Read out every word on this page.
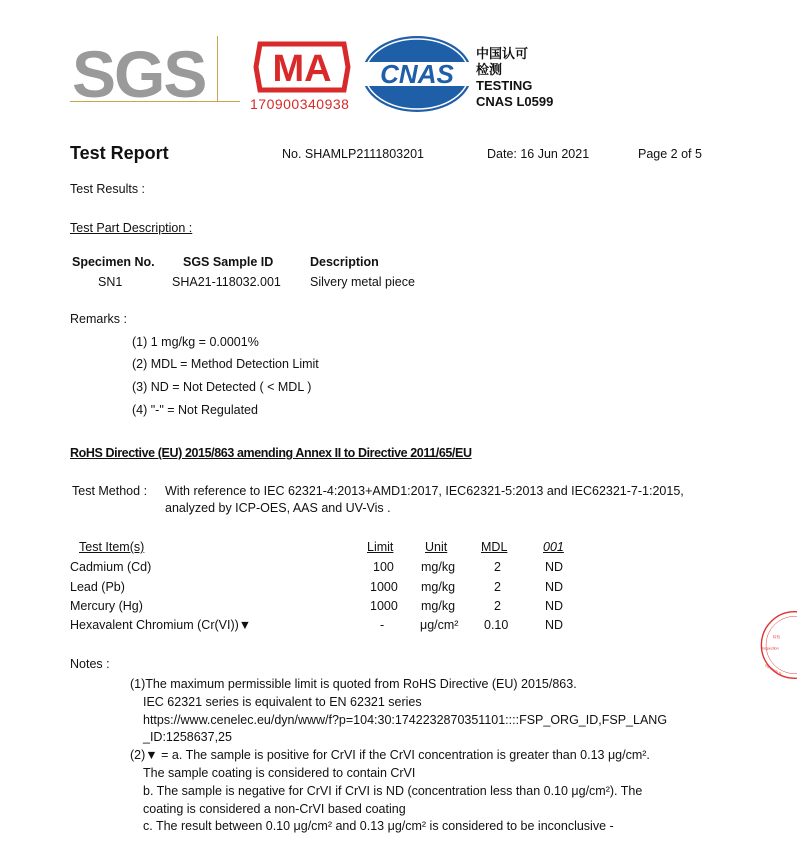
SGS MA
170900340938
CNAS
中国认可
检测
TESTING
CNAS L0599
Test Report	No. SHAMLP2111803201	Date: 16 Jun 2021	Page 2 of 5
Test Results :
Test Part Description :
Specimen No. SGS Sample ID	Description
SN1	SHA21-118032.001 Silvery metal piece
Remarks :
(1) 1 mg/kg = 0.0001%
(2) MDL = Method Detection Limit
(3) ND = Not Detected ( < MDL )
(4) "-" = Not Regulated
RoHS Directive (EU) 2015/863 amending Annex II to Directive 2011/65/EU
Test Method : With reference to IEC 62321-4:2013+AMD1:2017, IEC62321-5:2013 and IEC62321-7-1:2015,
analyzed by ICP-OES, AAS and UV-Vis .
Test Item(s)	Limit	Unit	MDL	001
Cadmium (Cd)	100 mg/kg	2	ND
Lead (Pb)	1000 mg/kg	2	ND
Mercury (Hg)	1000 mg/kg	2	ND
Hexavalent Chromium (Cr(VI))▼	-	μg/cm² 0.10	ND
Notes :
(1)The maximum permissible limit is quoted from RoHS Directive (EU) 2015/863.
IEC 62321 series is equivalent to EN 62321 series
https://www.cenelec.eu/dyn/www/f?p=104:30:1742232870351101::::FSP_ORG_ID,FSP_LANG
_ID:1258637,25
(2)▼ = a. The sample is positive for CrVI if the CrVI concentration is greater than 0.13 μg/cm².
The sample coating is considered to contain CrVI
b. The sample is negative for CrVI if CrVI is ND (concentration less than 0.10 μg/cm²). The
coating is considered a non-CrVI based coating
c. The result between 0.10 μg/cm² and 0.13 μg/cm² is considered to be inconclusive -
检验
Inspection
Standards Te
